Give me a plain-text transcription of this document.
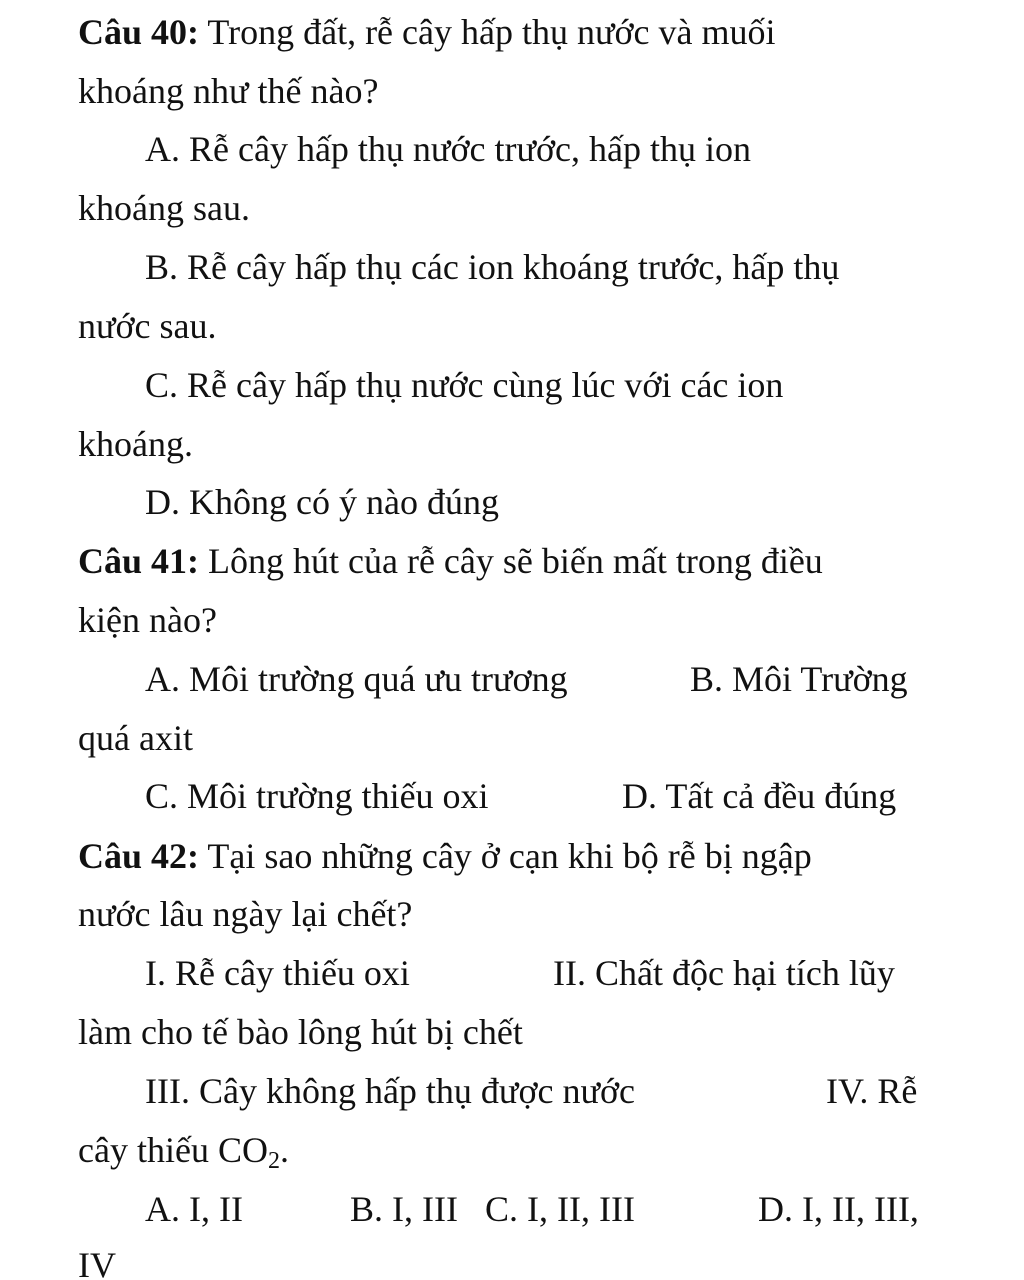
Câu 40: Trong đất, rễ cây hấp thụ nước và muối
khoáng như thế nào?
A. Rễ cây hấp thụ nước trước, hấp thụ ion
khoáng sau.
B. Rễ cây hấp thụ các ion khoáng trước, hấp thụ
nước sau.
C. Rễ cây hấp thụ nước cùng lúc với các ion
khoáng.
D. Không có ý nào đúng
Câu 41: Lông hút của rễ cây sẽ biến mất trong điều
kiện nào?
A. Môi trường quá ưu trương	B. Môi Trường
quá axit
C. Môi trường thiếu oxi	D. Tất cả đều đúng
Câu 42: Tại sao những cây ở cạn khi bộ rễ bị ngập
nước lâu ngày lại chết?
I. Rễ cây thiếu oxi	II. Chất độc hại tích lũy
làm cho tế bào lông hút bị chết
III. Cây không hấp thụ được nước	IV. Rễ
cây thiếu $CO_2$.
A. I, II	B. I, III C. I, II, III	D. I, II, III,
IV
